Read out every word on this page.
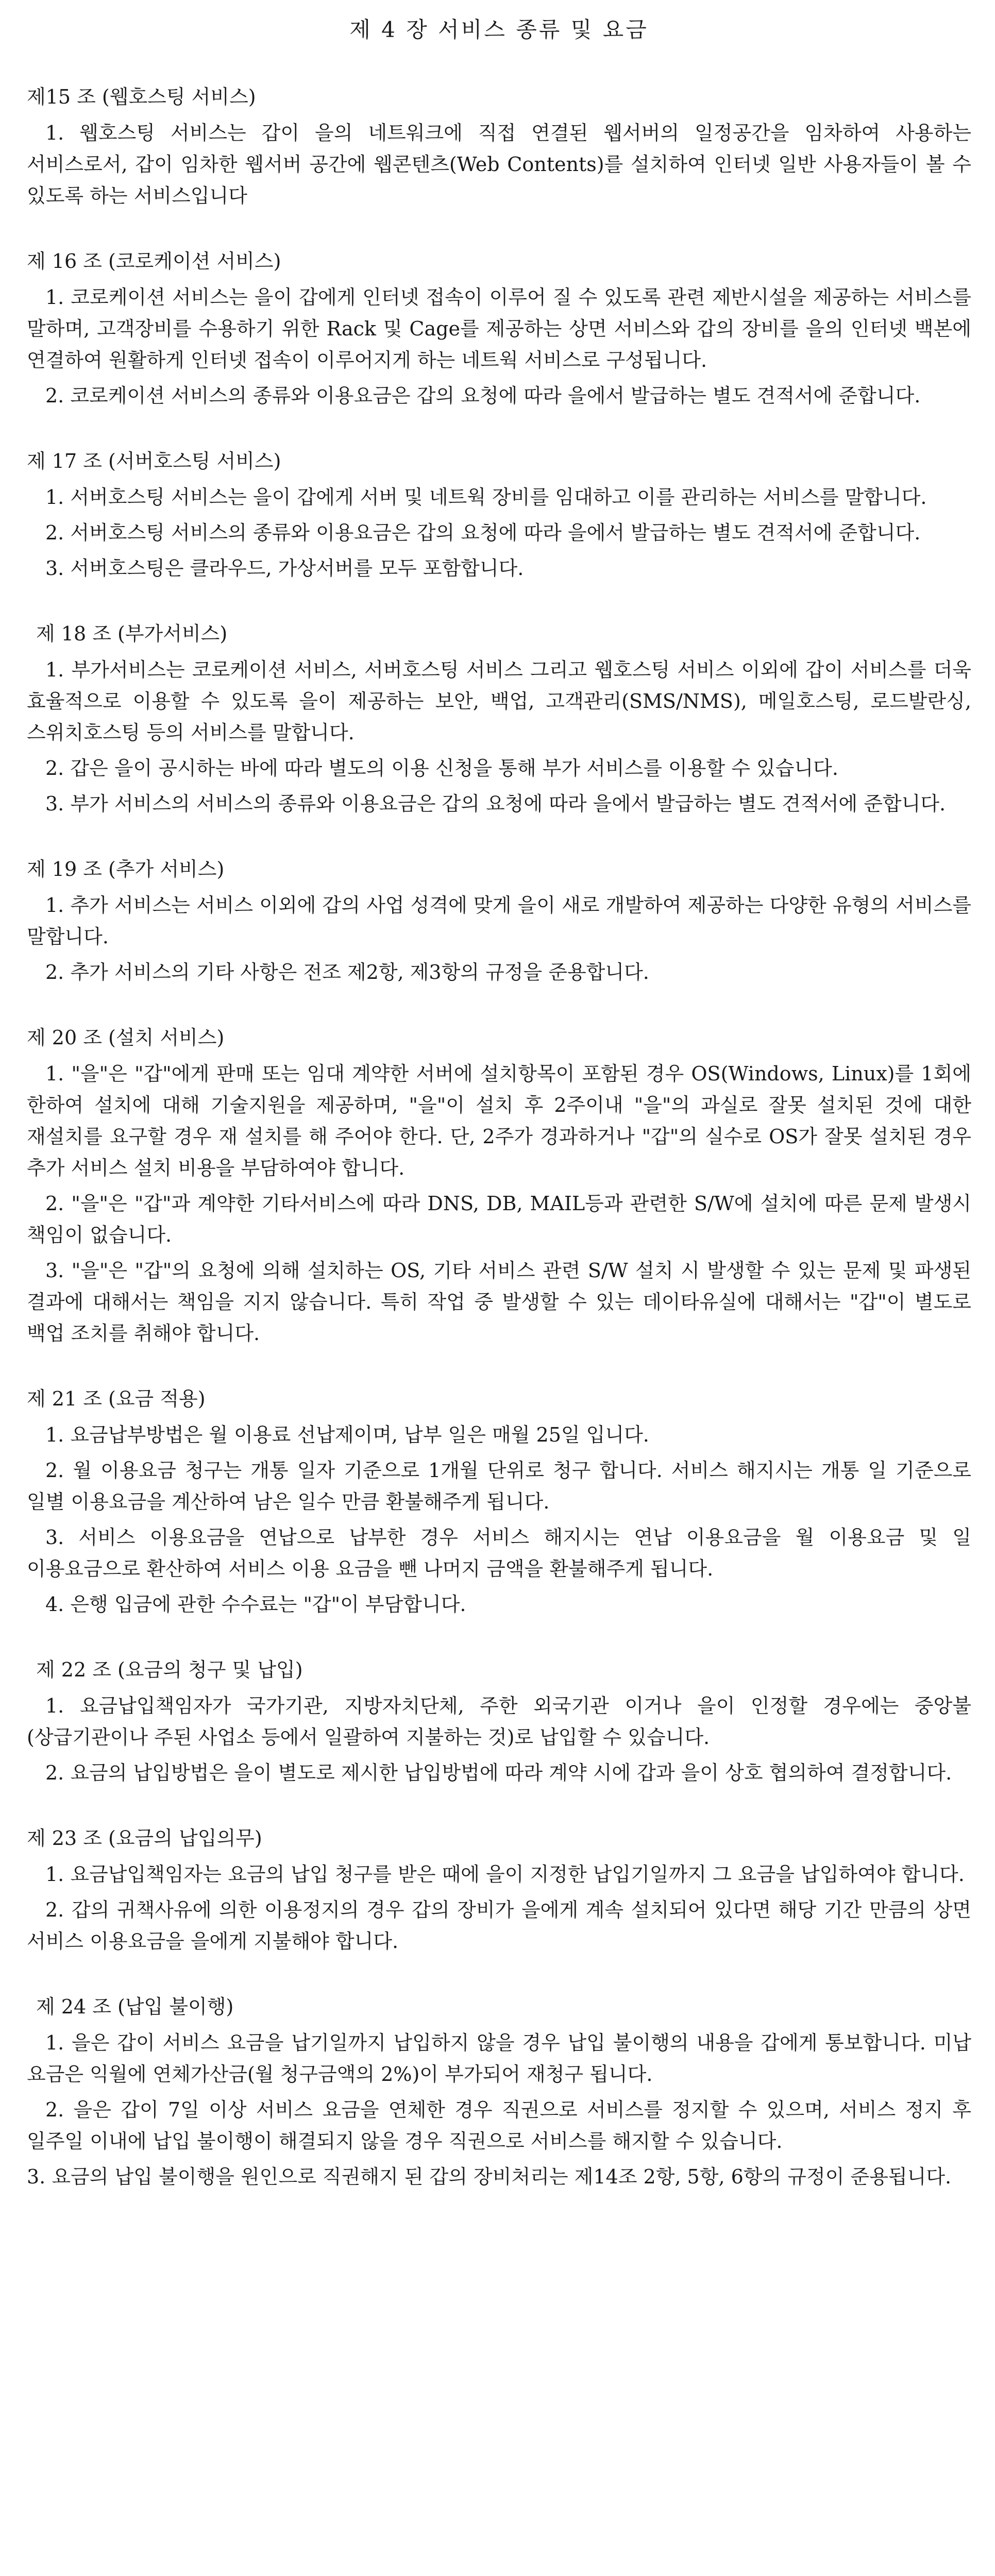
제 4 장 서비스 종류 및 요금
제15 조 (웹호스팅 서비스)

1. 웹호스팅 서비스는 갑이 을의 네트워크에 직접 연결된 웹서버의 일정공간을 임차하여 사용하는 서비스로서, 갑이 임차한 웹서버 공간에 웹콘텐츠(Web Contents)를 설치하여 인터넷 일반 사용자들이 볼 수 있도록 하는 서비스입니다

제 16 조 (코로케이션 서비스)

1. 코로케이션 서비스는 을이 갑에게 인터넷 접속이 이루어 질 수 있도록 관련 제반시설을 제공하는 서비스를 말하며, 고객장비를 수용하기 위한 Rack 및 Cage를 제공하는 상면 서비스와 갑의 장비를 을의 인터넷 백본에 연결하여 원활하게 인터넷 접속이 이루어지게 하는 네트웍 서비스로 구성됩니다.

2. 코로케이션 서비스의 종류와 이용요금은 갑의 요청에 따라 을에서 발급하는 별도 견적서에 준합니다.

제 17 조 (서버호스팅 서비스)

1. 서버호스팅 서비스는 을이 갑에게 서버 및 네트웍 장비를 임대하고 이를 관리하는 서비스를 말합니다.

2. 서버호스팅 서비스의 종류와 이용요금은 갑의 요청에 따라 을에서 발급하는 별도 견적서에 준합니다.

3. 서버호스팅은 클라우드, 가상서버를 모두 포함합니다.

제 18 조 (부가서비스)

1. 부가서비스는 코로케이션 서비스, 서버호스팅 서비스 그리고 웹호스팅 서비스 이외에 갑이 서비스를 더욱 효율적으로 이용할 수 있도록 을이 제공하는 보안, 백업, 고객관리(SMS/NMS), 메일호스팅, 로드발란싱, 스위치호스팅 등의 서비스를 말합니다.

2. 갑은 을이 공시하는 바에 따라 별도의 이용 신청을 통해 부가 서비스를 이용할 수 있습니다.

3. 부가 서비스의 서비스의 종류와 이용요금은 갑의 요청에 따라 을에서 발급하는 별도 견적서에 준합니다.

제 19 조 (추가 서비스)

1. 추가 서비스는 서비스 이외에 갑의 사업 성격에 맞게 을이 새로 개발하여 제공하는 다양한 유형의 서비스를 말합니다.

2. 추가 서비스의 기타 사항은 전조 제2항, 제3항의 규정을 준용합니다.

제 20 조 (설치 서비스)

1. "을"은 "갑"에게 판매 또는 임대 계약한 서버에 설치항목이 포함된 경우 OS(Windows, Linux)를 1회에 한하여 설치에 대해 기술지원을 제공하며, "을"이 설치 후 2주이내 "을"의 과실로 잘못 설치된 것에 대한 재설치를 요구할 경우 재 설치를 해 주어야 한다. 단, 2주가 경과하거나 "갑"의 실수로 OS가 잘못 설치된 경우 추가 서비스 설치 비용을 부담하여야 합니다.

2. "을"은 "갑"과 계약한 기타서비스에 따라 DNS, DB, MAIL등과 관련한 S/W에 설치에 따른 문제 발생시 책임이 없습니다.

3. "을"은 "갑"의 요청에 의해 설치하는 OS, 기타 서비스 관련 S/W 설치 시 발생할 수 있는 문제 및 파생된 결과에 대해서는 책임을 지지 않습니다. 특히 작업 중 발생할 수 있는 데이타유실에 대해서는 "갑"이 별도로 백업 조치를 취해야 합니다.

제 21 조 (요금 적용)

1. 요금납부방법은 월 이용료 선납제이며, 납부 일은 매월 25일 입니다.

2. 월 이용요금 청구는 개통 일자 기준으로 1개월 단위로 청구 합니다. 서비스 해지시는 개통 일 기준으로 일별 이용요금을 계산하여 남은 일수 만큼 환불해주게 됩니다.

3. 서비스 이용요금을 연납으로 납부한 경우 서비스 해지시는 연납 이용요금을 월 이용요금 및 일 이용요금으로 환산하여 서비스 이용 요금을 뺀 나머지 금액을 환불해주게 됩니다.

4. 은행 입금에 관한 수수료는 "갑"이 부담합니다.

제 22 조 (요금의 청구 및 납입)

1. 요금납입책임자가 국가기관, 지방자치단체, 주한 외국기관 이거나 을이 인정할 경우에는 중앙불 (상급기관이나 주된 사업소 등에서 일괄하여 지불하는 것)로 납입할 수 있습니다.

2. 요금의 납입방법은 을이 별도로 제시한 납입방법에 따라 계약 시에 갑과 을이 상호 협의하여 결정합니다.

제 23 조 (요금의 납입의무)

1. 요금납입책임자는 요금의 납입 청구를 받은 때에 을이 지정한 납입기일까지 그 요금을 납입하여야 합니다.

2. 갑의 귀책사유에 의한 이용정지의 경우 갑의 장비가 을에게 계속 설치되어 있다면 해당 기간 만큼의 상면 서비스 이용요금을 을에게 지불해야 합니다.

제 24 조 (납입 불이행)

1. 을은 갑이 서비스 요금을 납기일까지 납입하지 않을 경우 납입 불이행의 내용을 갑에게 통보합니다. 미납 요금은 익월에 연체가산금(월 청구금액의 2%)이 부가되어 재청구 됩니다.

2. 을은 갑이 7일 이상 서비스 요금을 연체한 경우 직권으로 서비스를 정지할 수 있으며, 서비스 정지 후 일주일 이내에 납입 불이행이 해결되지 않을 경우 직권으로 서비스를 해지할 수 있습니다.

3. 요금의 납입 불이행을 원인으로 직권해지 된 갑의 장비처리는 제14조 2항, 5항, 6항의 규정이 준용됩니다.
